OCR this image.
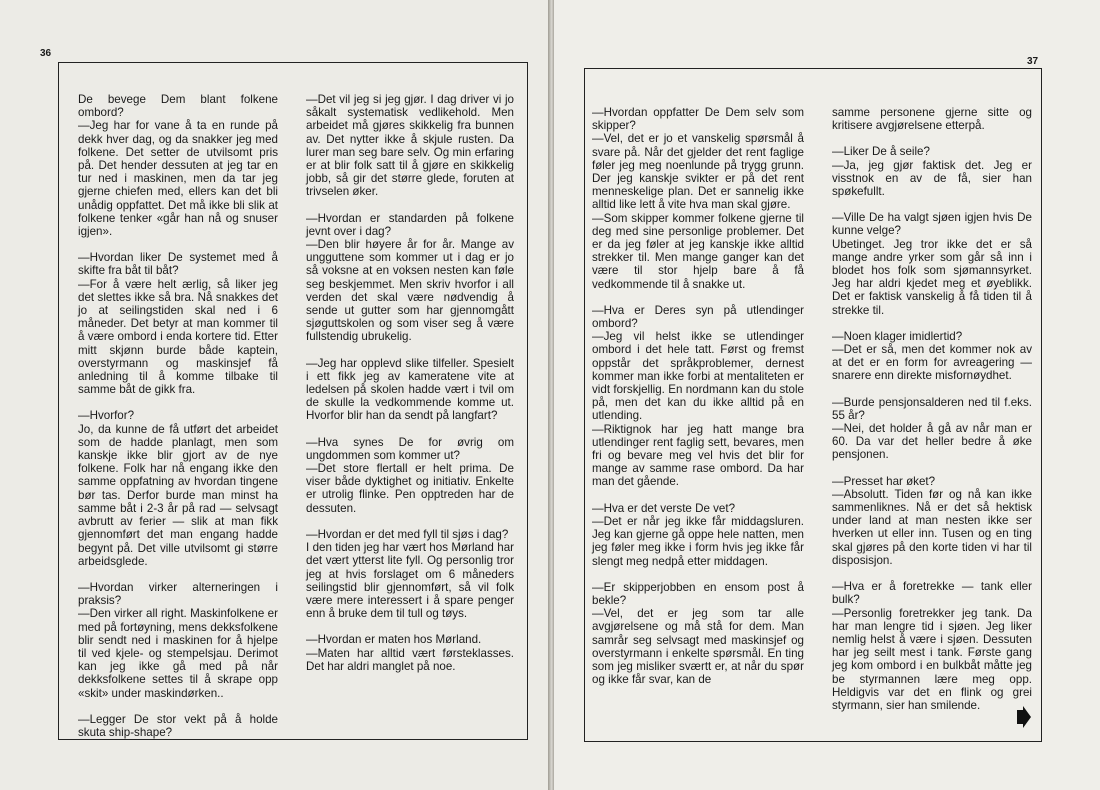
36
37

De bevege Dem blant folkene ombord?

—Jeg har for vane å ta en runde på dekk hver dag, og da snakker jeg med folkene. Det setter de utvilsomt pris på. Det hender dessuten at jeg tar en tur ned i maskinen, men da tar jeg gjerne chiefen med, ellers kan det bli unådig oppfattet. Det må ikke bli slik at folkene tenker «går han nå og snuser igjen».

—Hvordan liker De systemet med å skifte fra båt til båt?

—For å være helt ærlig, så liker jeg det slettes ikke så bra. Nå snakkes det jo at seilingstiden skal ned i 6 måneder. Det betyr at man kommer til å være ombord i enda kortere tid. Etter mitt skjønn burde både kaptein, overstyrmann og maskinsjef få anledning til å komme tilbake til samme båt de gikk fra.

—Hvorfor?

Jo, da kunne de få utført det arbeidet som de hadde planlagt, men som kanskje ikke blir gjort av de nye folkene. Folk har nå engang ikke den samme oppfatning av hvordan tingene bør tas. Derfor burde man minst ha samme båt i 2-3 år på rad — selvsagt avbrutt av ferier — slik at man fikk gjennomført det man engang hadde begynt på. Det ville utvilsomt gi større arbeidsglede.

—Hvordan virker alterneringen i praksis?

—Den virker all right. Maskinfolkene er med på fortøyning, mens dekksfolkene blir sendt ned i maskinen for å hjelpe til ved kjele- og stempelsjau. Derimot kan jeg ikke gå med på når dekksfolkene settes til å skrape opp «skit» under maskindørken..

—Legger De stor vekt på å holde skuta ship-shape?

—Det vil jeg si jeg gjør. I dag driver vi jo såkalt systematisk vedlikehold. Men arbeidet må gjøres skikkelig fra bunnen av. Det nytter ikke å skjule rusten. Da lurer man seg bare selv. Og min erfaring er at blir folk satt til å gjøre en skikkelig jobb, så gir det større glede, foruten at trivselen øker.

—Hvordan er standarden på folkene jevnt over i dag?

—Den blir høyere år for år. Mange av ungguttene som kommer ut i dag er jo så voksne at en voksen nesten kan føle seg beskjemmet. Men skriv hvorfor i all verden det skal være nødvendig å sende ut gutter som har gjennomgått sjøguttskolen og som viser seg å være fullstendig ubrukelig.

—Jeg har opplevd slike tilfeller. Spesielt i ett fikk jeg av kameratene vite at ledelsen på skolen hadde vært i tvil om de skulle la vedkommende komme ut. Hvorfor blir han da sendt på langfart?

—Hva synes De for øvrig om ungdommen som kommer ut?

—Det store flertall er helt prima. De viser både dyktighet og initiativ. Enkelte er utrolig flinke. Pen opptreden har de dessuten.

—Hvordan er det med fyll til sjøs i dag?

I den tiden jeg har vært hos Mørland har det vært ytterst lite fyll. Og personlig tror jeg at hvis forslaget om 6 måneders seilingstid blir gjennomført, så vil folk være mere interessert i å spare penger enn å bruke dem til tull og tøys.

—Hvordan er maten hos Mørland.

—Maten har alltid vært førsteklasses. Det har aldri manglet på noe.

—Hvordan oppfatter De Dem selv som skipper?

—Vel, det er jo et vanskelig spørsmål å svare på. Når det gjelder det rent faglige føler jeg meg noenlunde på trygg grunn. Der jeg kanskje svikter er på det rent menneskelige plan. Det er sannelig ikke alltid like lett å vite hva man skal gjøre.

—Som skipper kommer folkene gjerne til deg med sine personlige problemer. Det er da jeg føler at jeg kanskje ikke alltid strekker til. Men mange ganger kan det være til stor hjelp bare å få vedkommende til å snakke ut.

—Hva er Deres syn på utlendinger ombord?

—Jeg vil helst ikke se utlendinger ombord i det hele tatt. Først og fremst oppstår det språkproblemer, dernest kommer man ikke forbi at mentaliteten er vidt forskjellig. En nordmann kan du stole på, men det kan du ikke alltid på en utlending.

—Riktignok har jeg hatt mange bra utlendinger rent faglig sett, bevares, men fri og bevare meg vel hvis det blir for mange av samme rase ombord. Da har man det gående.

—Hva er det verste De vet?

—Det er når jeg ikke får middagsluren. Jeg kan gjerne gå oppe hele natten, men jeg føler meg ikke i form hvis jeg ikke får slengt meg nedpå etter middagen.

—Er skipperjobben en ensom post å bekle?

—Vel, det er jeg som tar alle avgjørelsene og må stå for dem. Man samrår seg selvsagt med maskinsjef og overstyrmann i enkelte spørsmål. En ting som jeg misliker sværtt er, at når du spør og ikke får svar, kan de

samme personene gjerne sitte og kritisere avgjørelsene etterpå.

—Liker De å seile?

—Ja, jeg gjør faktisk det. Jeg er visstnok en av de få, sier han spøkefullt.

—Ville De ha valgt sjøen igjen hvis De kunne velge?

Ubetinget. Jeg tror ikke det er så mange andre yrker som går så inn i blodet hos folk som sjømannsyrket. Jeg har aldri kjedet meg et øyeblikk. Det er faktisk vanskelig å få tiden til å strekke til.

—Noen klager imidlertid?

—Det er så, men det kommer nok av at det er en form for avreagering — snarere enn direkte misfornøydhet.

—Burde pensjonsalderen ned til f.eks. 55 år?

—Nei, det holder å gå av når man er 60. Da var det heller bedre å øke pensjonen.

—Presset har øket?

—Absolutt. Tiden før og nå kan ikke sammenliknes. Nå er det så hektisk under land at man nesten ikke ser hverken ut eller inn. Tusen og en ting skal gjøres på den korte tiden vi har til disposisjon.

—Hva er å foretrekke — tank eller bulk?

—Personlig foretrekker jeg tank. Da har man lengre tid i sjøen. Jeg liker nemlig helst å være i sjøen. Dessuten har jeg seilt mest i tank. Første gang jeg kom ombord i en bulkbåt måtte jeg be styrmannen lære meg opp. Heldigvis var det en flink og grei styrmann, sier han smilende.
